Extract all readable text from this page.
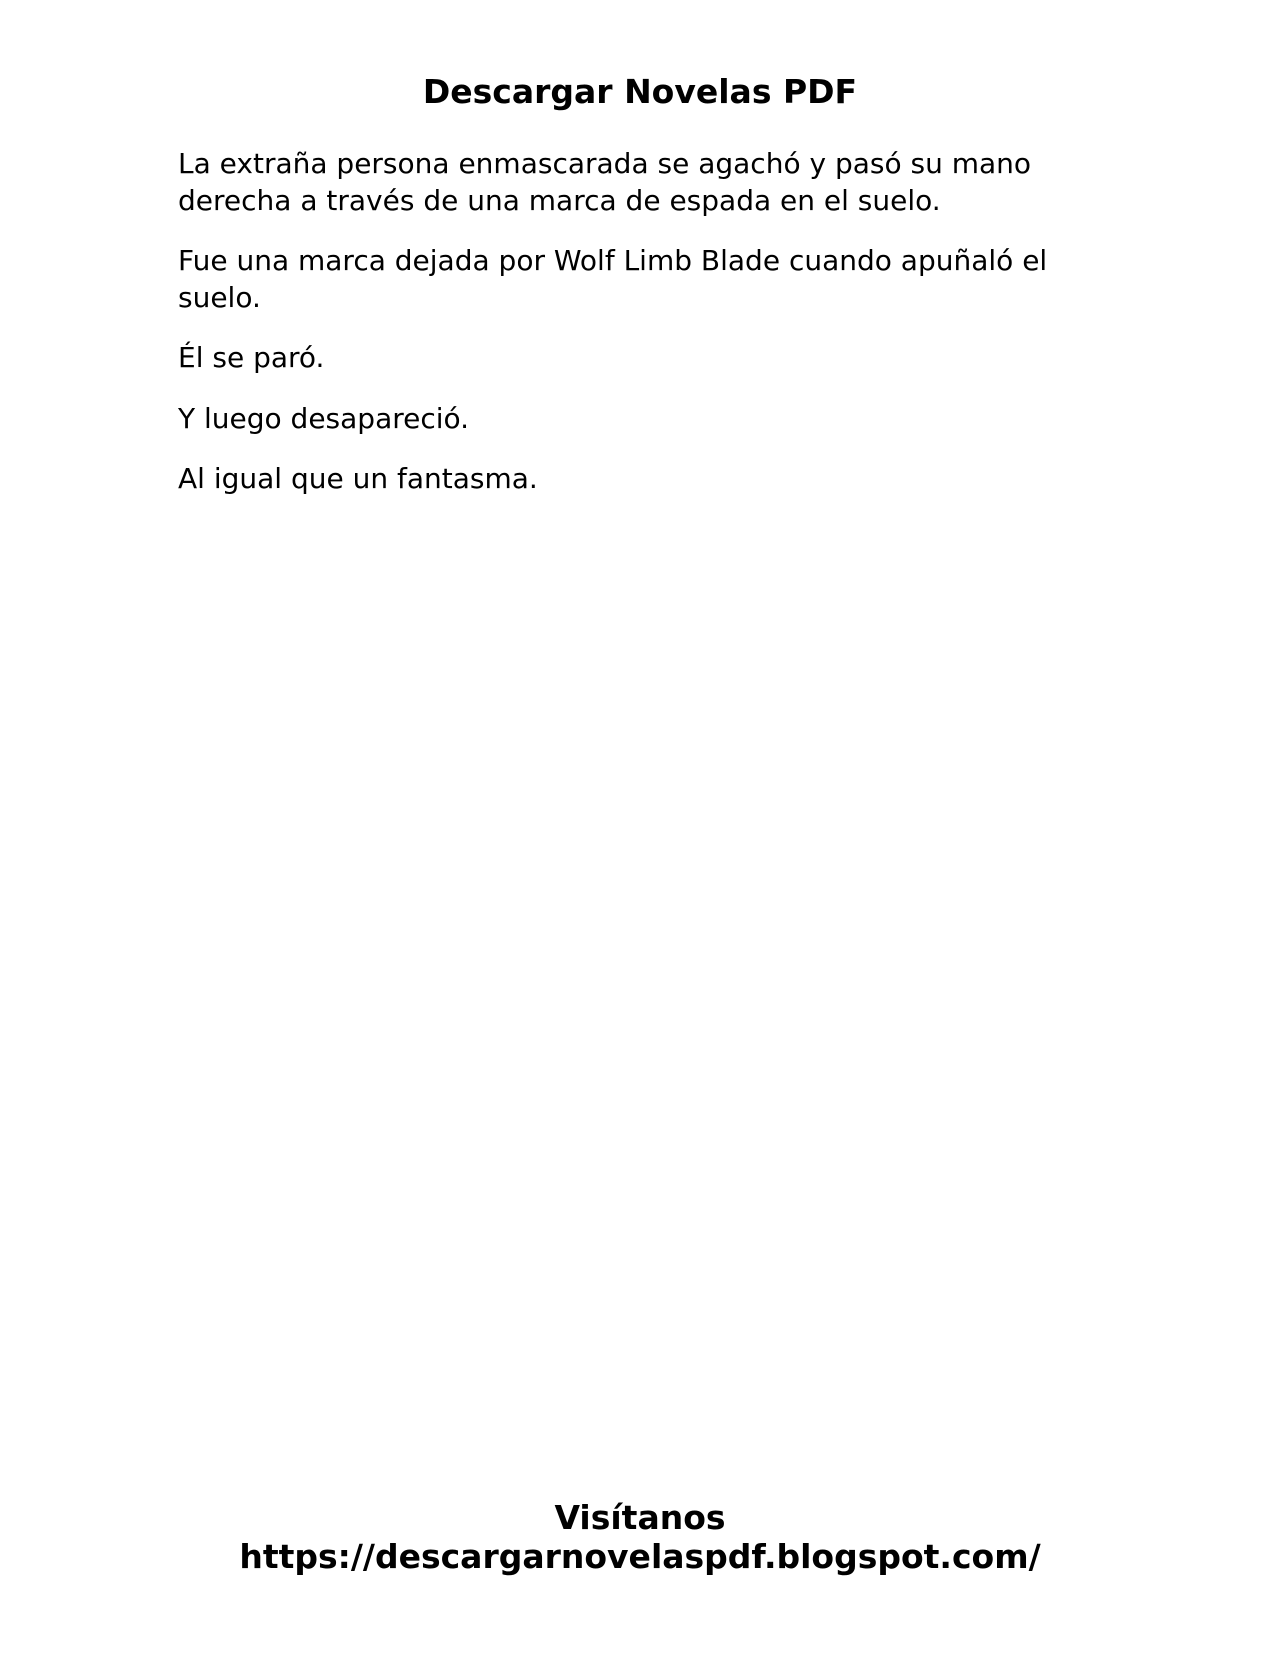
Descargar Novelas PDF

La extraña persona enmascarada se agachó y pasó su mano derecha a través de una marca de espada en el suelo.

Fue una marca dejada por Wolf Limb Blade cuando apuñaló el suelo.

Él se paró.

Y luego desapareció.

Al igual que un fantasma.

Visítanos
https://descargarnovelaspdf.blogspot.com/
